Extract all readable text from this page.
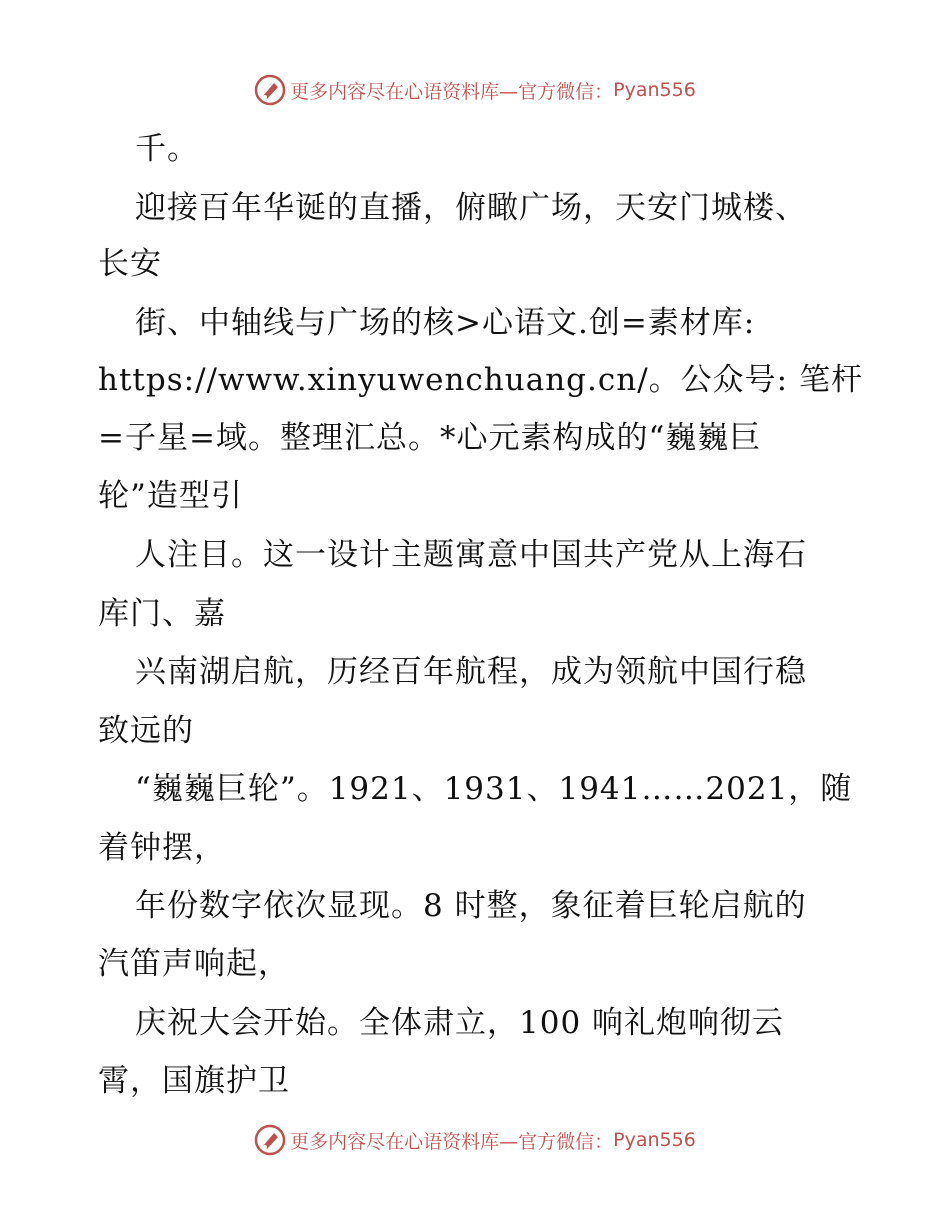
更多内容尽在心语资料库—官方微信： Pyan556
千。
迎接百年华诞的直播，俯瞰广场，天安门城楼、
长安
街、中轴线与广场的核>心语文.创=素材库:
https://www.xinyuwenchuang.cn/。公众号: 笔杆
=子星=域。整理汇总。*心元素构成的“巍巍巨
轮”造型引
人注目。这一设计主题寓意中国共产党从上海石
库门、嘉
兴南湖启航，历经百年航程，成为领航中国行稳
致远的
“巍巍巨轮”。1921、1931、1941……2021，随
着钟摆，
年份数字依次显现。8 时整，象征着巨轮启航的
汽笛声响起，
庆祝大会开始。全体肃立，100 响礼炮响彻云
霄，国旗护卫
更多内容尽在心语资料库—官方微信： Pyan556
